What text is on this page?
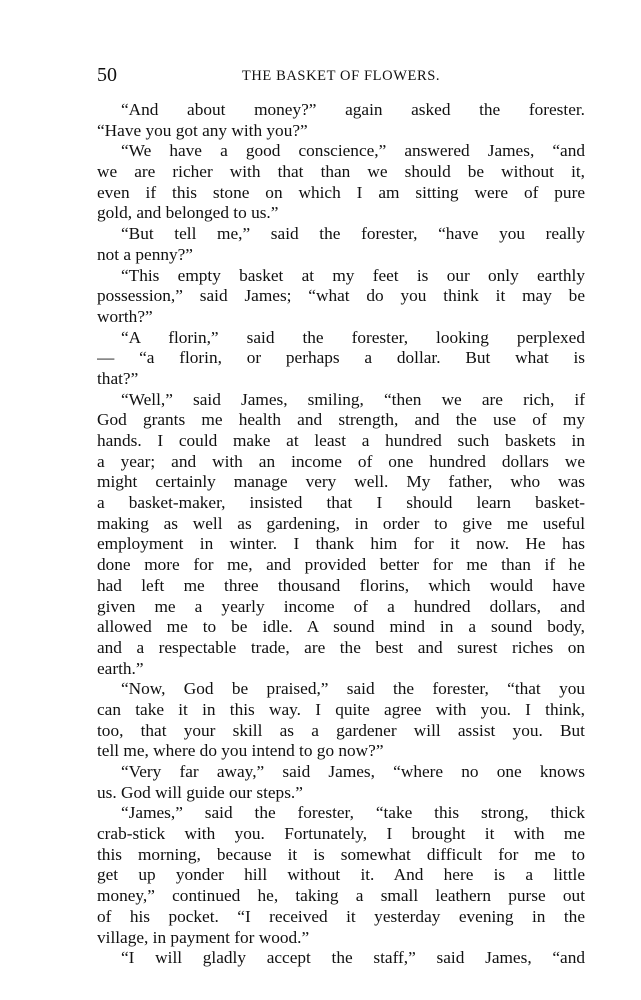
50	THE BASKET OF FLOWERS.
“And about money?” again asked the forester.
“Have you got any with you?”
“We have a good conscience,” answered James, “and
we are richer with that than we should be without it,
even if this stone on which I am sitting were of pure
gold, and belonged to us.”
“But tell me,” said the forester, “have you really
not a penny?”
“This empty basket at my feet is our only earthly
possession,” said James; “what do you think it may be
worth?”
“A florin,” said the forester, looking perplexed
— “a florin, or perhaps a dollar. But what is
that?”
“Well,” said James, smiling, “then we are rich, if
God grants me health and strength, and the use of my
hands. I could make at least a hundred such baskets in
a year; and with an income of one hundred dollars we
might certainly manage very well. My father, who was
a basket-maker, insisted that I should learn basket-
making as well as gardening, in order to give me useful
employment in winter. I thank him for it now. He has
done more for me, and provided better for me than if he
had left me three thousand florins, which would have
given me a yearly income of a hundred dollars, and
allowed me to be idle. A sound mind in a sound body,
and a respectable trade, are the best and surest riches on
earth.”
“Now, God be praised,” said the forester, “that you
can take it in this way. I quite agree with you. I think,
too, that your skill as a gardener will assist you. But
tell me, where do you intend to go now?”
“Very far away,” said James, “where no one knows
us. God will guide our steps.”
“James,” said the forester, “take this strong, thick
crab-stick with you. Fortunately, I brought it with me
this morning, because it is somewhat difficult for me to
get up yonder hill without it. And here is a little
money,” continued he, taking a small leathern purse out
of his pocket. “I received it yesterday evening in the
village, in payment for wood.”
“I will gladly accept the staff,” said James, “and
